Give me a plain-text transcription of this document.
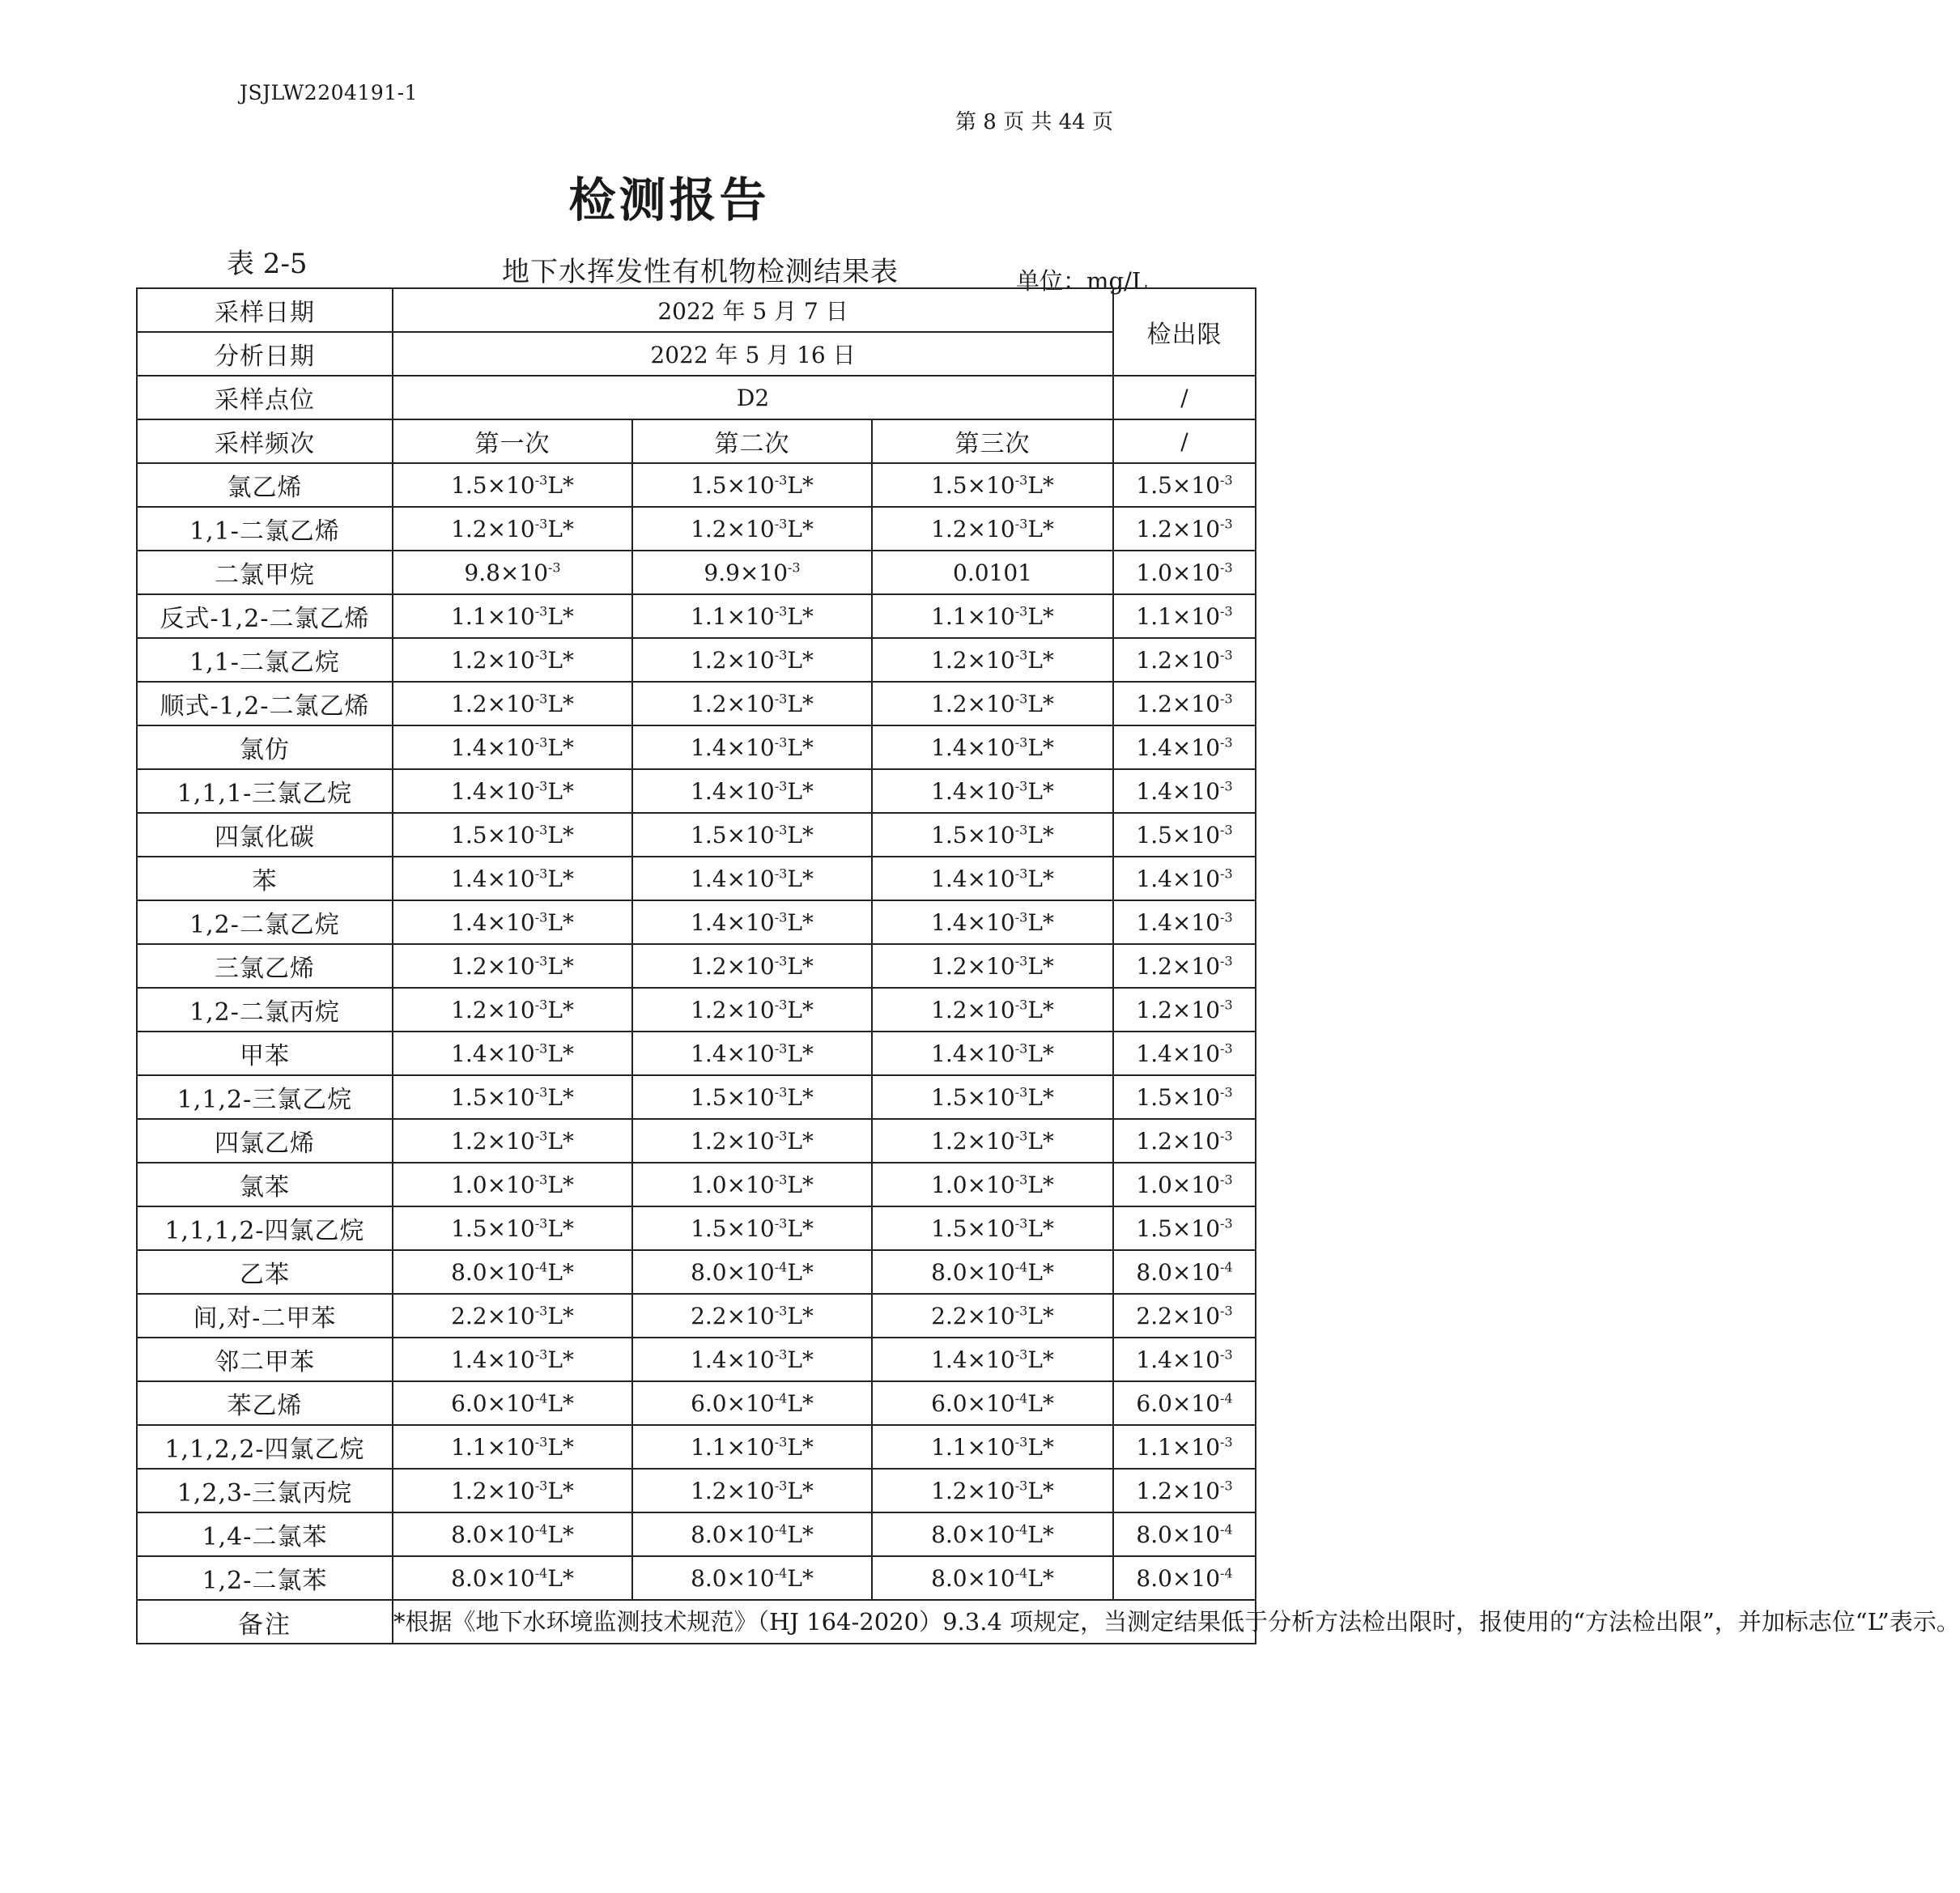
JSJLW2204191-1
第 8 页 共 44 页
检测报告
表 2-5	地下水挥发性有机物检测结果表	单位：mg/L
采样日期	2022 年 5 月 7 日			检出限
分析日期	2022 年 5 月 16 日			
采样点位	D2			/
采样频次	第一次	第二次	第三次	/
氯乙烯	$1.5\times 10^{-3}L*$	$1.5\times 10^{-3}L*$	$1.5\times 10^{-3}L*$	$1.5\times 10^{-3}$
1,1-二氯乙烯	$1.2\times 10^{-3}L*$	$1.2\times 10^{-3}L*$	$1.2\times 10^{-3}L*$	$1.2\times 10^{-3}$
二氯甲烷	$9.8\times 10^{-3}$	$9.9\times 10^{-3}$	0.0101	$1.0\times 10^{-3}$
反式-1,2-二氯乙烯	$1.1\times 10^{-3}L*$	$1.1\times 10^{-3}L*$	$1.1\times 10^{-3}L*$	$1.1\times 10^{-3}$
1,1-二氯乙烷	$1.2\times 10^{-3}L*$	$1.2\times 10^{-3}L*$	$1.2\times 10^{-3}L*$	$1.2\times 10^{-3}$
顺式-1,2-二氯乙烯	$1.2\times 10^{-3}L*$	$1.2\times 10^{-3}L*$	$1.2\times 10^{-3}L*$	$1.2\times 10^{-3}$
氯仿	$1.4\times 10^{-3}L*$	$1.4\times 10^{-3}L*$	$1.4\times 10^{-3}L*$	$1.4\times 10^{-3}$
1,1,1-三氯乙烷	$1.4\times 10^{-3}L*$	$1.4\times 10^{-3}L*$	$1.4\times 10^{-3}L*$	$1.4\times 10^{-3}$
四氯化碳	$1.5\times 10^{-3}L*$	$1.5\times 10^{-3}L*$	$1.5\times 10^{-3}L*$	$1.5\times 10^{-3}$
苯	$1.4\times 10^{-3}L*$	$1.4\times 10^{-3}L*$	$1.4\times 10^{-3}L*$	$1.4\times 10^{-3}$
1,2-二氯乙烷	$1.4\times 10^{-3}L*$	$1.4\times 10^{-3}L*$	$1.4\times 10^{-3}L*$	$1.4\times 10^{-3}$
三氯乙烯	$1.2\times 10^{-3}L*$	$1.2\times 10^{-3}L*$	$1.2\times 10^{-3}L*$	$1.2\times 10^{-3}$
1,2-二氯丙烷	$1.2\times 10^{-3}L*$	$1.2\times 10^{-3}L*$	$1.2\times 10^{-3}L*$	$1.2\times 10^{-3}$
甲苯	$1.4\times 10^{-3}L*$	$1.4\times 10^{-3}L*$	$1.4\times 10^{-3}L*$	$1.4\times 10^{-3}$
1,1,2-三氯乙烷	$1.5\times 10^{-3}L*$	$1.5\times 10^{-3}L*$	$1.5\times 10^{-3}L*$	$1.5\times 10^{-3}$
四氯乙烯	$1.2\times 10^{-3}L*$	$1.2\times 10^{-3}L*$	$1.2\times 10^{-3}L*$	$1.2\times 10^{-3}$
氯苯	$1.0\times 10^{-3}L*$	$1.0\times 10^{-3}L*$	$1.0\times 10^{-3}L*$	$1.0\times 10^{-3}$
1,1,1,2-四氯乙烷	$1.5\times 10^{-3}L*$	$1.5\times 10^{-3}L*$	$1.5\times 10^{-3}L*$	$1.5\times 10^{-3}$
乙苯	$8.0\times 10^{-4}L*$	$8.0\times 10^{-4}L*$	$8.0\times 10^{-4}L*$	$8.0\times 10^{-4}$
间,对-二甲苯	$2.2\times 10^{-3}L*$	$2.2\times 10^{-3}L*$	$2.2\times 10^{-3}L*$	$2.2\times 10^{-3}$
邻二甲苯	$1.4\times 10^{-3}L*$	$1.4\times 10^{-3}L*$	$1.4\times 10^{-3}L*$	$1.4\times 10^{-3}$
苯乙烯	$6.0\times 10^{-4}L*$	$6.0\times 10^{-4}L*$	$6.0\times 10^{-4}L*$	$6.0\times 10^{-4}$
1,1,2,2-四氯乙烷	$1.1\times 10^{-3}L*$	$1.1\times 10^{-3}L*$	$1.1\times 10^{-3}L*$	$1.1\times 10^{-3}$
1,2,3-三氯丙烷	$1.2\times 10^{-3}L*$	$1.2\times 10^{-3}L*$	$1.2\times 10^{-3}L*$	$1.2\times 10^{-3}$
1,4-二氯苯	$8.0\times 10^{-4}L*$	$8.0\times 10^{-4}L*$	$8.0\times 10^{-4}L*$	$8.0\times 10^{-4}$
1,2-二氯苯	$8.0\times 10^{-4}L*$	$8.0\times 10^{-4}L*$	$8.0\times 10^{-4}L*$	$8.0\times 10^{-4}$
备注	*根据《地下水环境监测技术规范》（HJ 164-2020）9.3.4 项规定，当测定结果低于分析方法检出限时，报使用的“方法检出限”，并加标志位“L”表示。			
